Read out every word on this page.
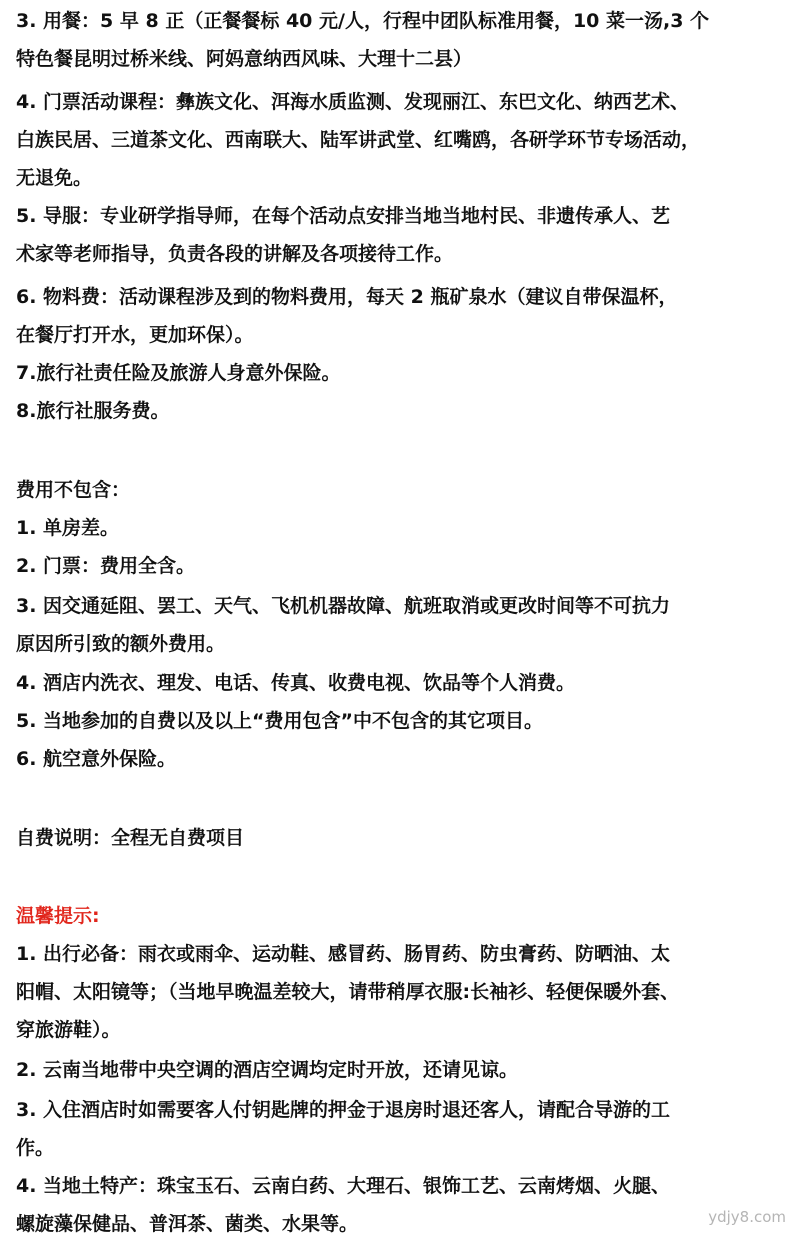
3. 用餐：5 早 8 正（正餐餐标 40 元/人，行程中团队标准用餐，10 菜一汤,3 个
特色餐昆明过桥米线、阿妈意纳西风味、大理十二县）
4. 门票活动课程：彝族文化、洱海水质监测、发现丽江、东巴文化、纳西艺术、
白族民居、三道茶文化、西南联大、陆军讲武堂、红嘴鸥，各研学环节专场活动，
无退免。
5. 导服：专业研学指导师，在每个活动点安排当地当地村民、非遗传承人、艺
术家等老师指导，负责各段的讲解及各项接待工作。
6. 物料费：活动课程涉及到的物料费用，每天 2 瓶矿泉水（建议自带保温杯，
在餐厅打开水，更加环保）。
7.旅行社责任险及旅游人身意外保险。
8.旅行社服务费。
费用不包含：
1. 单房差。
2. 门票：费用全含。
3. 因交通延阻、罢工、天气、飞机机器故障、航班取消或更改时间等不可抗力
原因所引致的额外费用。
4. 酒店内洗衣、理发、电话、传真、收费电视、饮品等个人消费。
5. 当地参加的自费以及以上“费用包含”中不包含的其它项目。
6. 航空意外保险。
自费说明：全程无自费项目
温馨提示:
1. 出行必备：雨衣或雨伞、运动鞋、感冒药、肠胃药、防虫膏药、防晒油、太
阳帽、太阳镜等；（当地早晚温差较大，请带稍厚衣服:长袖衫、轻便保暖外套、
穿旅游鞋）。
2. 云南当地带中央空调的酒店空调均定时开放，还请见谅。
3. 入住酒店时如需要客人付钥匙牌的押金于退房时退还客人，请配合导游的工
作。
4. 当地土特产：珠宝玉石、云南白药、大理石、银饰工艺、云南烤烟、火腿、
螺旋藻保健品、普洱茶、菌类、水果等。	ydjy8.com
